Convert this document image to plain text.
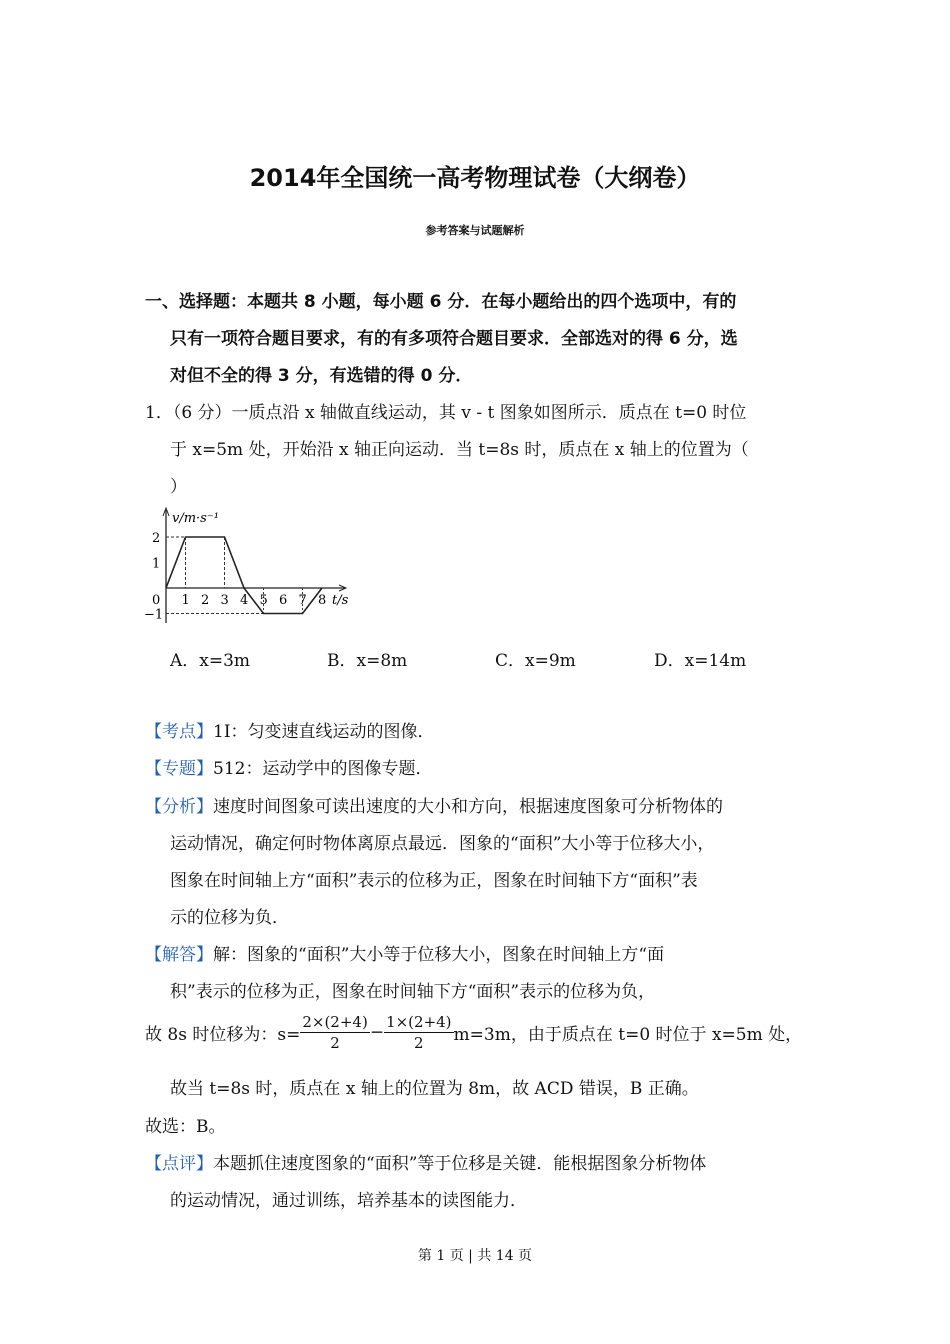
2014年全国统一高考物理试卷（大纲卷）
参考答案与试题解析
一、选择题：本题共 8 小题，每小题 6 分．在每小题给出的四个选项中，有的
只有一项符合题目要求，有的有多项符合题目要求．全部选对的得 6 分，选
对但不全的得 3 分，有选错的得 0 分．
1．（6 分）一质点沿 x 轴做直线运动，其 v - t 图象如图所示．质点在 t=0 时位
于 x=5m 处，开始沿 x 轴正向运动．当 t=8s 时，质点在 x 轴上的位置为（
）
1 2 3 4 5 6 7 8
2
1
0
−1
v/m·s⁻¹
t/s
A．x=3m	B．x=8m	C．x=9m	D．x=14m
【考点】1I：匀变速直线运动的图像．
【专题】512：运动学中的图像专题．
【分析】速度时间图象可读出速度的大小和方向，根据速度图象可分析物体的
运动情况，确定何时物体离原点最远．图象的“面积”大小等于位移大小，
图象在时间轴上方“面积”表示的位移为正，图象在时间轴下方“面积”表
示的位移为负．
【解答】解：图象的“面积”大小等于位移大小，图象在时间轴上方“面
积”表示的位移为正，图象在时间轴下方“面积”表示的位移为负，
故 8s 时位移为：$s= \frac{2\times(2+4)}{2} - \frac{1\times(2+4)}{2} m=3m$，由于质点在 t=0 时位于 x=5m 处，
故当 t=8s 时，质点在 x 轴上的位置为 8m，故 ACD 错误，B 正确。
故选：B。
【点评】本题抓住速度图象的“面积”等于位移是关键．能根据图象分析物体
的运动情况，通过训练，培养基本的读图能力．
第 1 页 | 共 14 页
